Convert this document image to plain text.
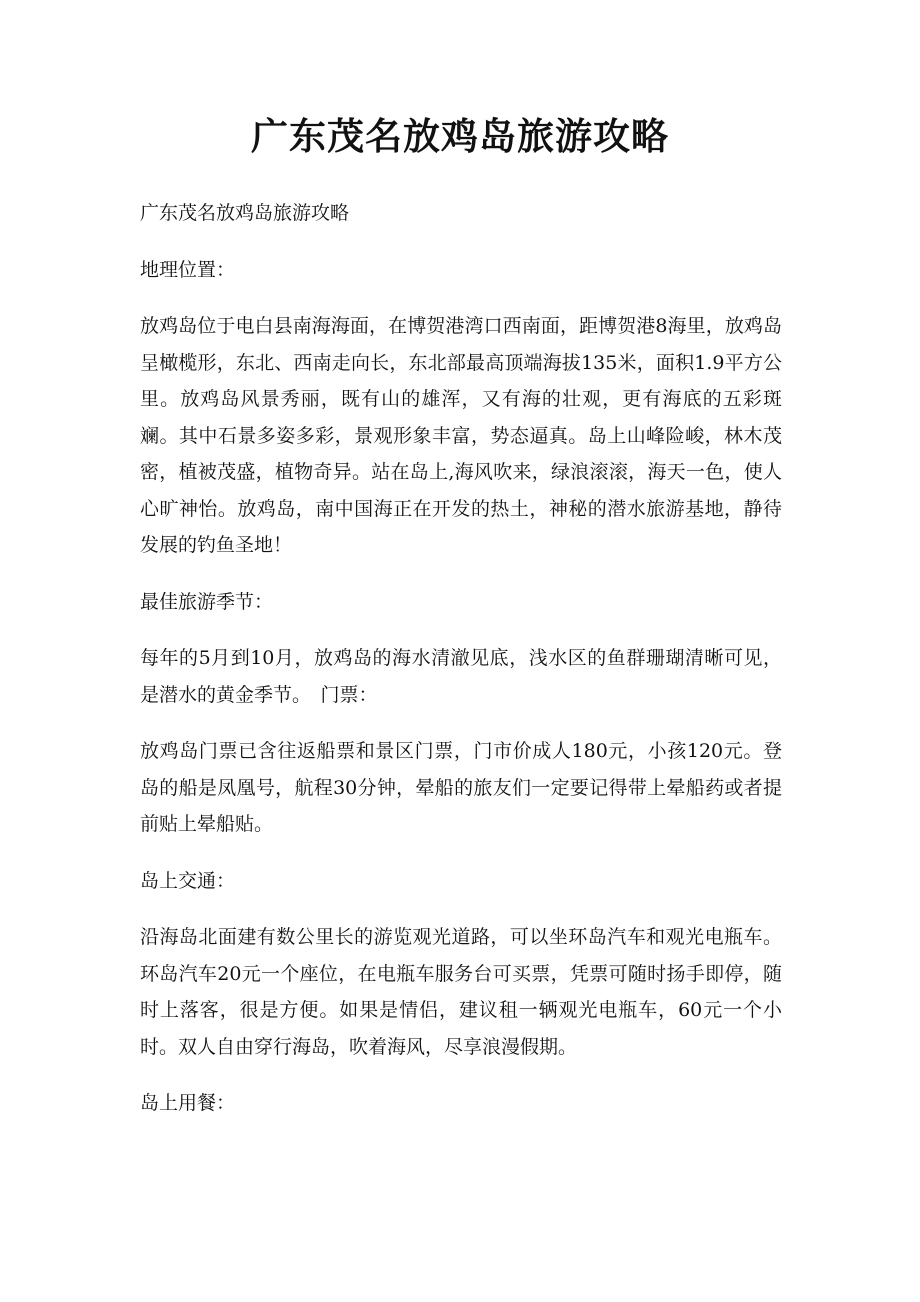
广东茂名放鸡岛旅游攻略

广东茂名放鸡岛旅游攻略

地理位置：

放鸡岛位于电白县南海海面，在博贺港湾口西南面，距博贺港8海里，放鸡岛呈橄榄形，东北、西南走向长，东北部最高顶端海拔135米，面积1.9平方公里。放鸡岛风景秀丽，既有山的雄浑，又有海的壮观，更有海底的五彩斑斓。其中石景多姿多彩，景观形象丰富，势态逼真。岛上山峰险峻，林木茂密，植被茂盛，植物奇异。站在岛上,海风吹来，绿浪滚滚，海天一色，使人心旷神怡。放鸡岛，南中国海正在开发的热土，神秘的潜水旅游基地，静待发展的钓鱼圣地！

最佳旅游季节：

每年的5月到10月，放鸡岛的海水清澈见底，浅水区的鱼群珊瑚清晰可见，是潜水的黄金季节。　门票：

放鸡岛门票已含往返船票和景区门票，门市价成人180元，小孩120元。登岛的船是凤凰号，航程30分钟，晕船的旅友们一定要记得带上晕船药或者提前贴上晕船贴。

岛上交通：

沿海岛北面建有数公里长的游览观光道路，可以坐环岛汽车和观光电瓶车。环岛汽车20元一个座位，在电瓶车服务台可买票，凭票可随时扬手即停，随时上落客，很是方便。如果是情侣，建议租一辆观光电瓶车，60元一个小时。双人自由穿行海岛，吹着海风，尽享浪漫假期。

岛上用餐：
